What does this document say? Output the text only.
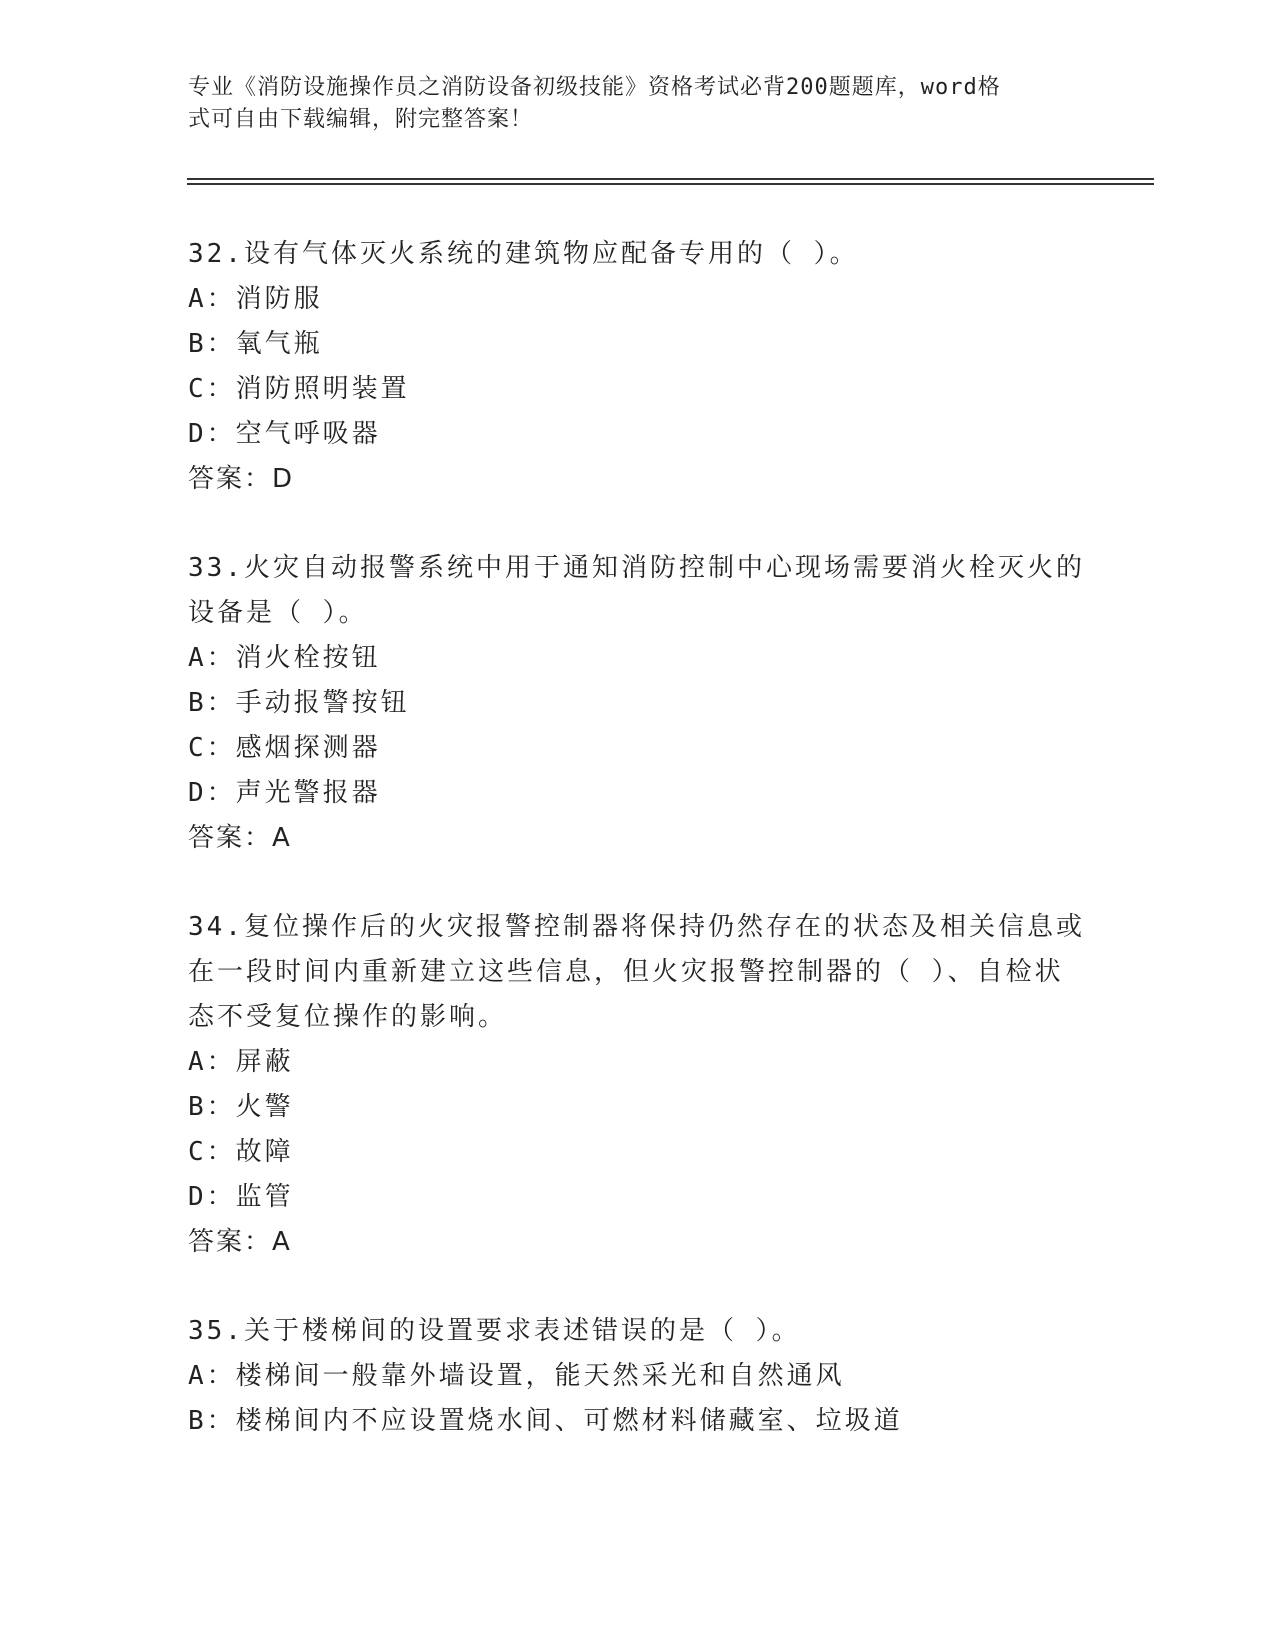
专业《消防设施操作员之消防设备初级技能》资格考试必背200题题库，word格
式可自由下载编辑，附完整答案！
32.设有气体灭火系统的建筑物应配备专用的（ ）。
A：消防服
B：氧气瓶
C：消防照明装置
D：空气呼吸器
答案：D
33.火灾自动报警系统中用于通知消防控制中心现场需要消火栓灭火的设备是（ ）。
A：消火栓按钮
B：手动报警按钮
C：感烟探测器
D：声光警报器
答案：A
34.复位操作后的火灾报警控制器将保持仍然存在的状态及相关信息或在一段时间内重新建立这些信息，但火灾报警控制器的（ ）、自检状态不受复位操作的影响。
A：屏蔽
B：火警
C：故障
D：监管
答案：A
35.关于楼梯间的设置要求表述错误的是（ ）。
A：楼梯间一般靠外墙设置，能天然采光和自然通风
B：楼梯间内不应设置烧水间、可燃材料储藏室、垃圾道
